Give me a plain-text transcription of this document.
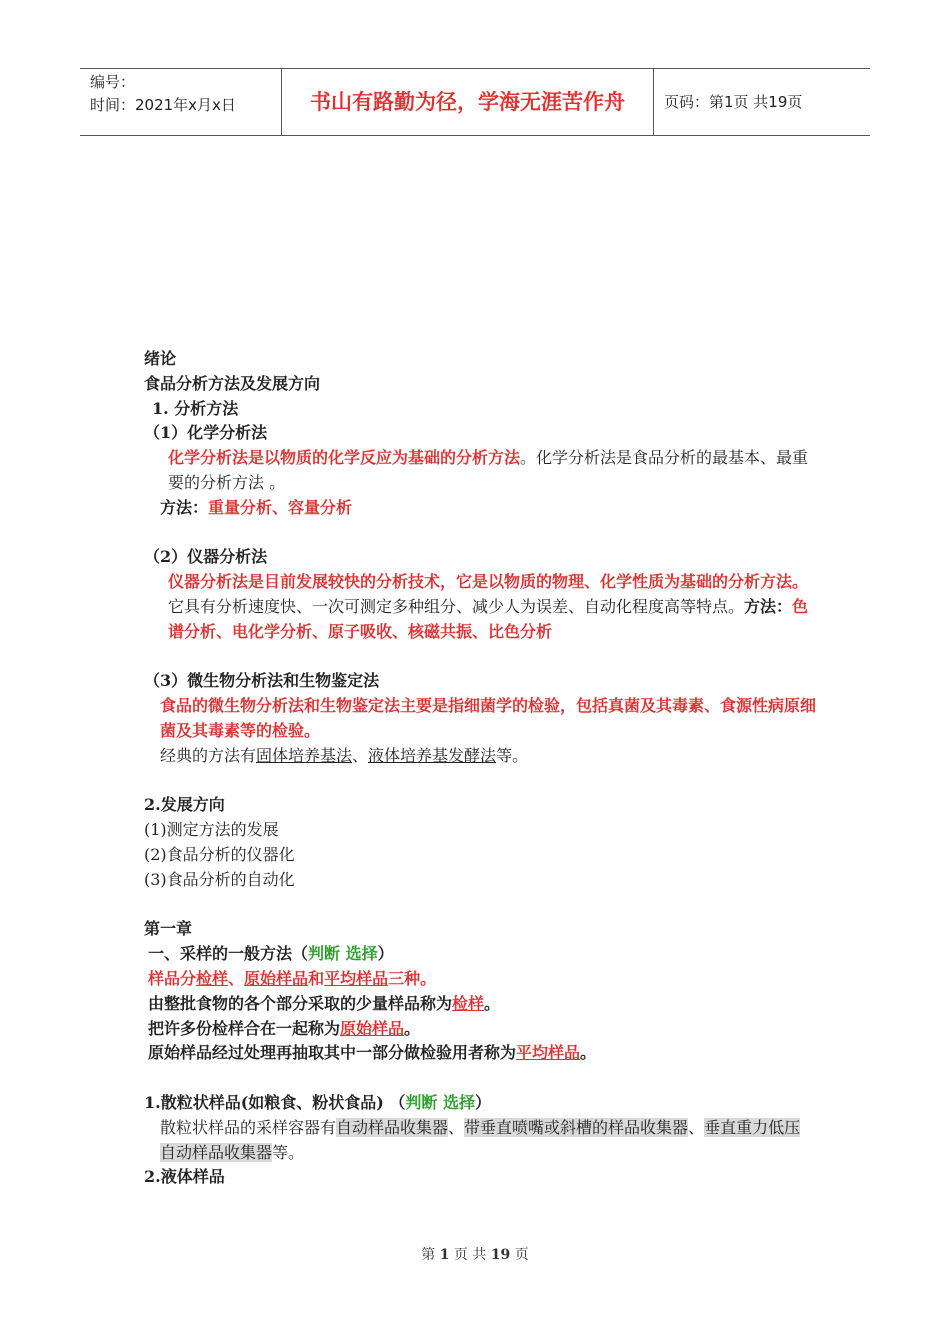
编号：
时间：2021年x月x日	书山有路勤为径，学海无涯苦作舟	页码：第1页 共19页

绪论

食品分析方法及发展方向

1. 分析方法

（1）化学分析法

化学分析法是以物质的化学反应为基础的分析方法。化学分析法是食品分析的最基本、最重要的分析方法 。

方法：重量分析、容量分析

（2）仪器分析法

仪器分析法是目前发展较快的分析技术，它是以物质的物理、化学性质为基础的分析方法。

它具有分析速度快、一次可测定多种组分、减少人为误差、自动化程度高等特点。方法：色谱分析、电化学分析、原子吸收、核磁共振、比色分析

（3）微生物分析法和生物鉴定法

食品的微生物分析法和生物鉴定法主要是指细菌学的检验，包括真菌及其毒素、食源性病原细菌及其毒素等的检验。

经典的方法有固体培养基法、液体培养基发酵法等。

2.发展方向

(1)测定方法的发展

(2)食品分析的仪器化

(3)食品分析的自动化

第一章

一、采样的一般方法（判断 选择）

样品分检样、原始样品和平均样品三种。

由整批食物的各个部分采取的少量样品称为检样。

把许多份检样合在一起称为原始样品。

原始样品经过处理再抽取其中一部分做检验用者称为平均样品。

1.散粒状样品(如粮食、粉状食品) （判断 选择）

散粒状样品的采样容器有自动样品收集器、带垂直喷嘴或斜槽的样品收集器、垂直重力低压自动样品收集器等。

2.液体样品

第 1 页 共 19 页
